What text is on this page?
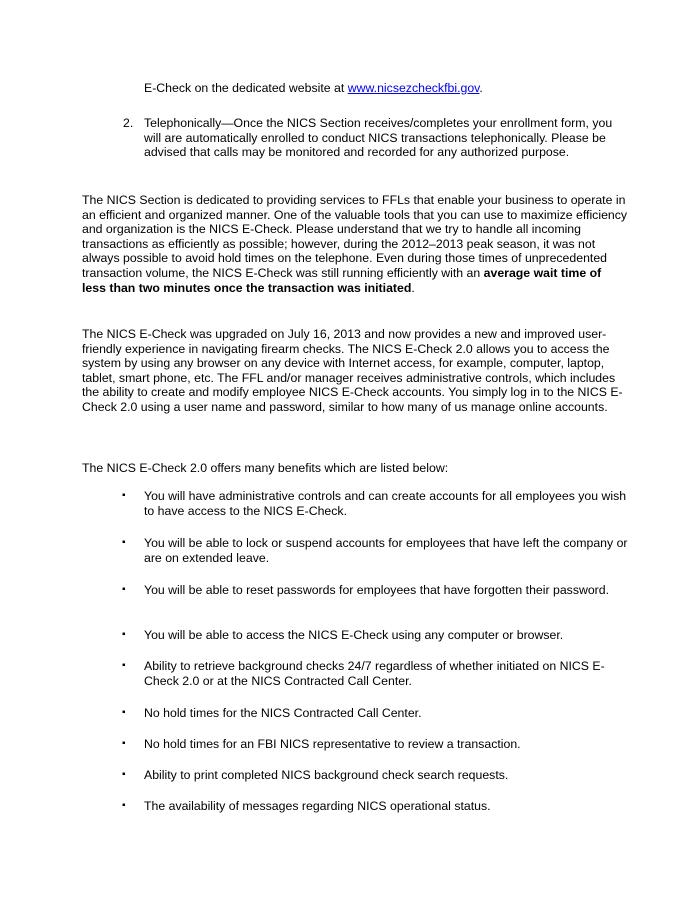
E-Check on the dedicated website at www.nicsezcheckfbi.gov.
2. Telephonically—Once the NICS Section receives/completes your enrollment form, you will are automatically enrolled to conduct NICS transactions telephonically. Please be advised that calls may be monitored and recorded for any authorized purpose.

The NICS Section is dedicated to providing services to FFLs that enable your business to operate in an efficient and organized manner. One of the valuable tools that you can use to maximize efficiency and organization is the NICS E-Check. Please understand that we try to handle all incoming transactions as efficiently as possible; however, during the 2012–2013 peak season, it was not always possible to avoid hold times on the telephone. Even during those times of unprecedented transaction volume, the NICS E-Check was still running efficiently with an average wait time of less than two minutes once the transaction was initiated.

The NICS E-Check was upgraded on July 16, 2013 and now provides a new and improved user-friendly experience in navigating firearm checks. The NICS E-Check 2.0 allows you to access the system by using any browser on any device with Internet access, for example, computer, laptop, tablet, smart phone, etc. The FFL and/or manager receives administrative controls, which includes the ability to create and modify employee NICS E-Check accounts. You simply log in to the NICS E-Check 2.0 using a user name and password, similar to how many of us manage online accounts.

The NICS E-Check 2.0 offers many benefits which are listed below:

▪ You will have administrative controls and can create accounts for all employees you wish to have access to the NICS E-Check.
▪ You will be able to lock or suspend accounts for employees that have left the company or are on extended leave.
▪ You will be able to reset passwords for employees that have forgotten their password.
▪ You will be able to access the NICS E-Check using any computer or browser.
▪ Ability to retrieve background checks 24/7 regardless of whether initiated on NICS E-Check 2.0 or at the NICS Contracted Call Center.
▪ No hold times for the NICS Contracted Call Center.
▪ No hold times for an FBI NICS representative to review a transaction.
▪ Ability to print completed NICS background check search requests.
▪ The availability of messages regarding NICS operational status.
